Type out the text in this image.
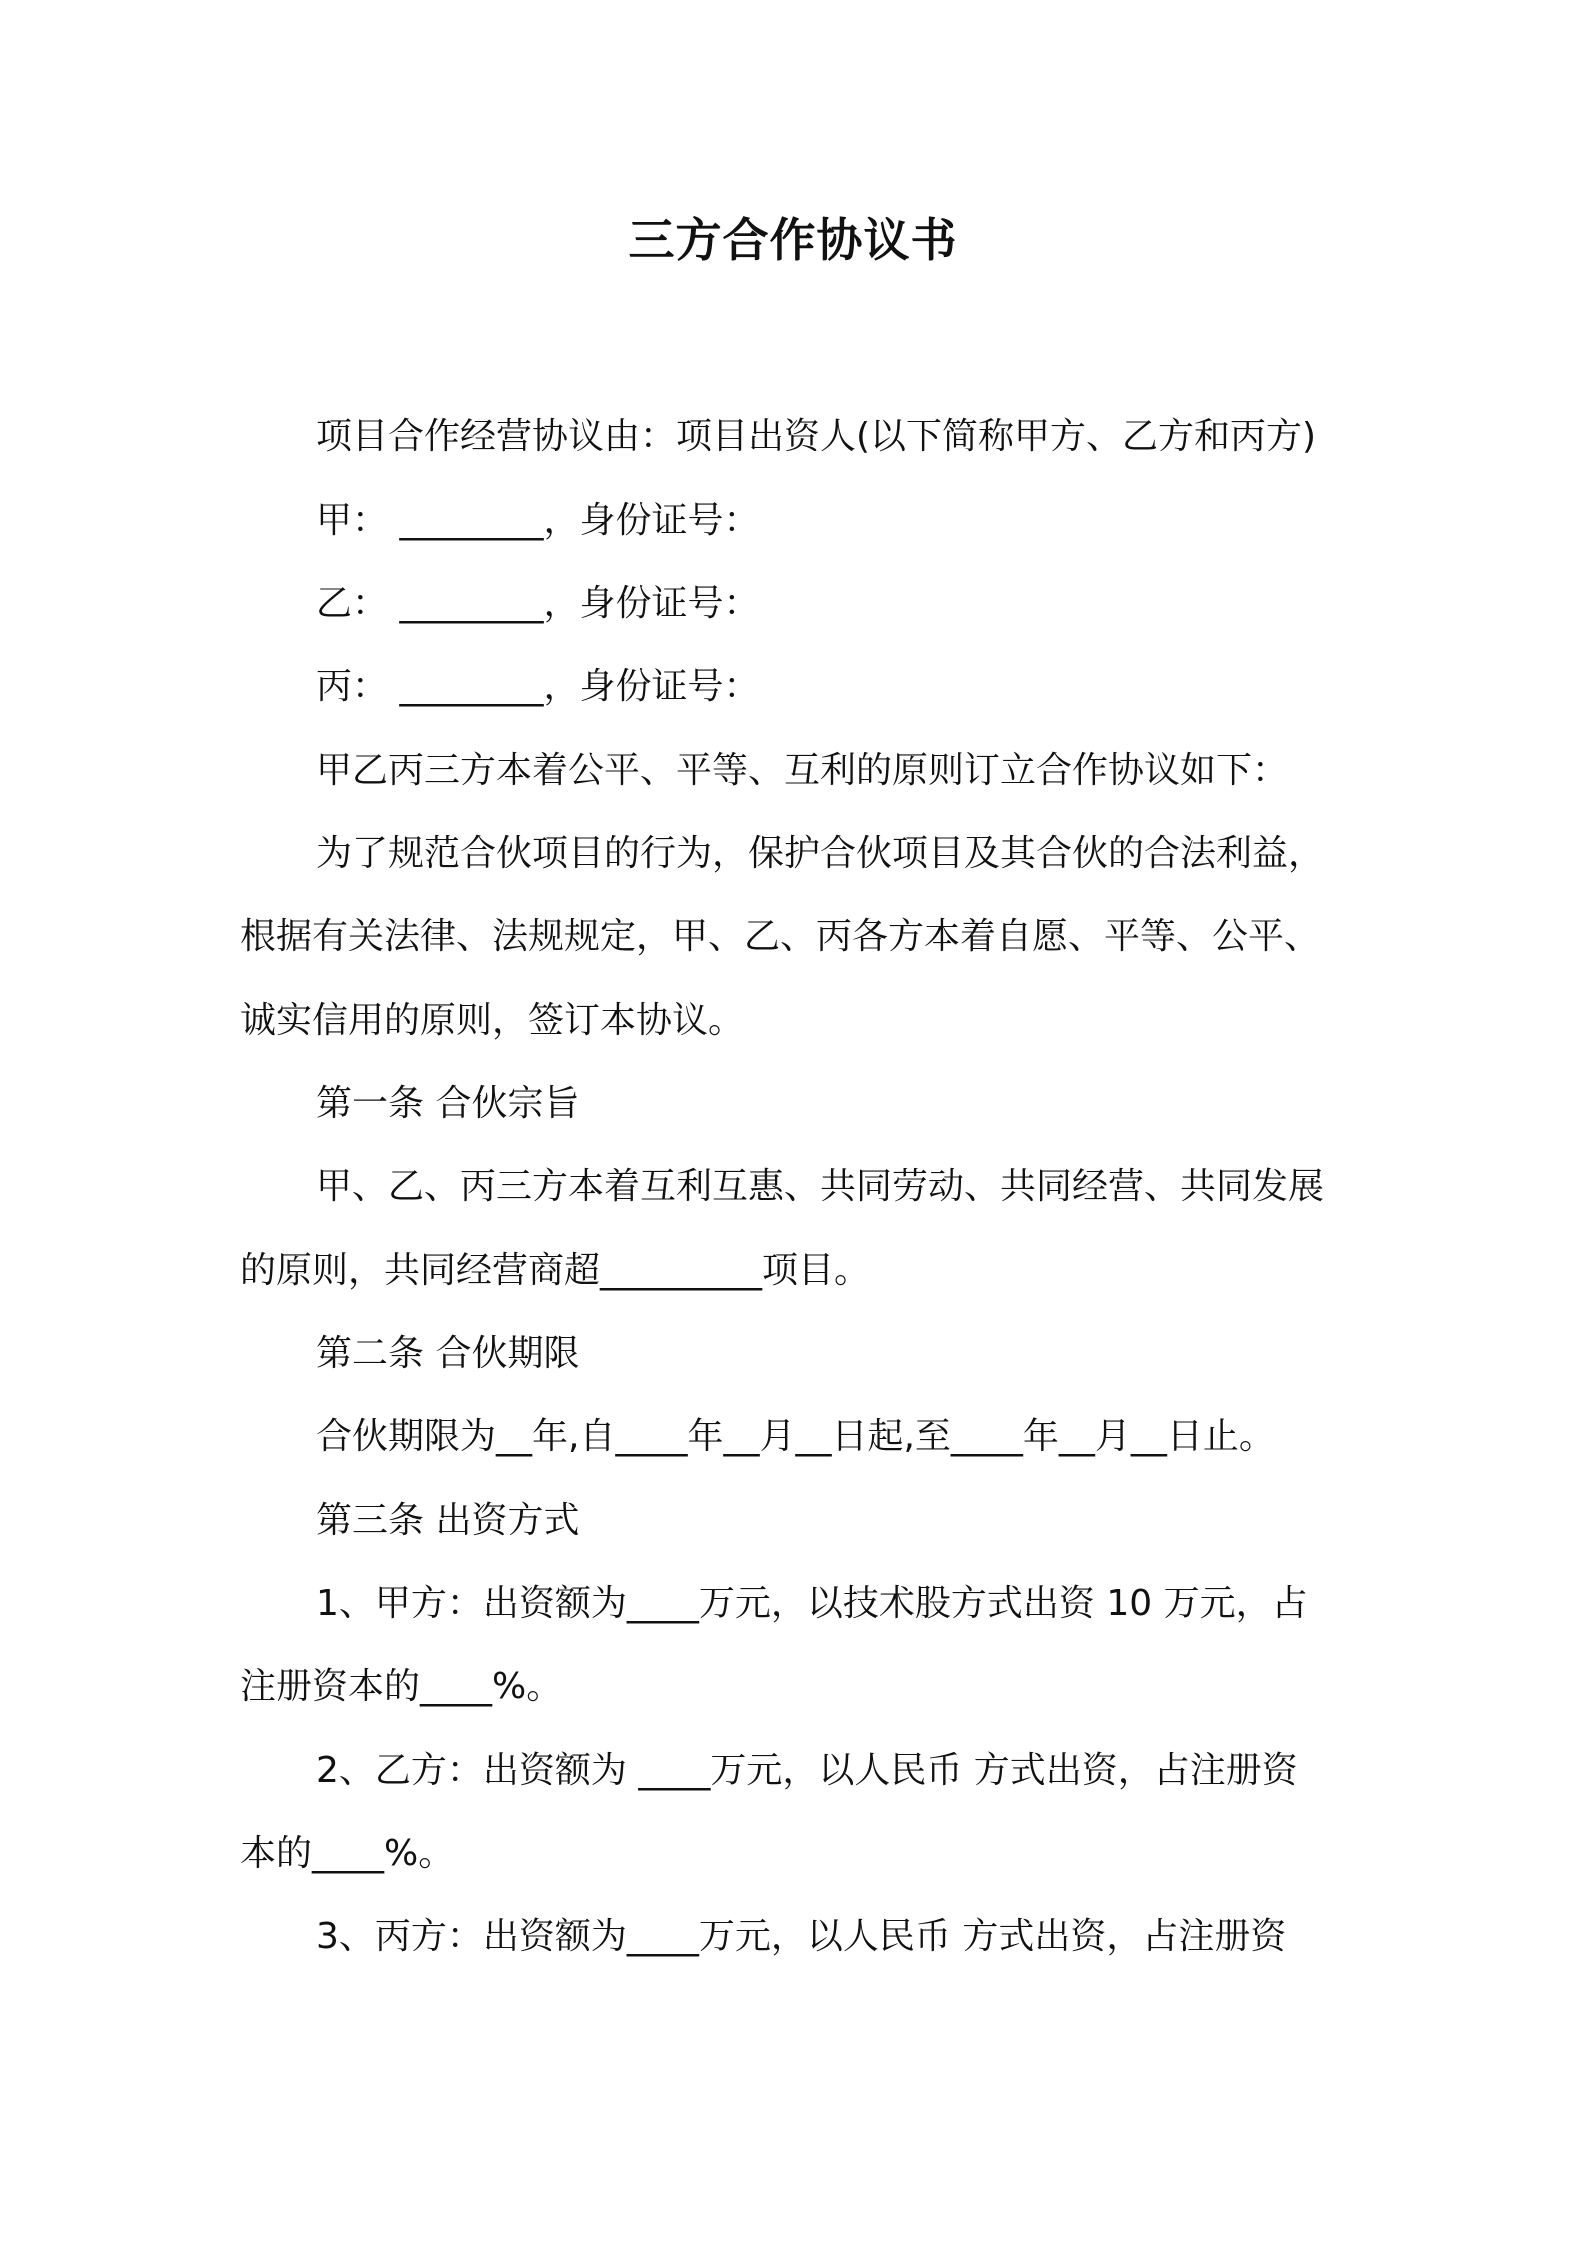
三方合作协议书
项目合作经营协议由：项目出资人(以下简称甲方、乙方和丙方)
甲： ________，身份证号：
乙： ________，身份证号：
丙： ________，身份证号：
甲乙丙三方本着公平、平等、互利的原则订立合作协议如下：
为了规范合伙项目的行为，保护合伙项目及其合伙的合法利益，
根据有关法律、法规规定，甲、乙、丙各方本着自愿、平等、公平、
诚实信用的原则，签订本协议。
第一条 合伙宗旨
甲、乙、丙三方本着互利互惠、共同劳动、共同经营、共同发展
的原则，共同经营商超_________项目。
第二条 合伙期限
合伙期限为__年,自____年__月__日起,至____年__月__日止。
第三条 出资方式
1、甲方：出资额为____万元，以技术股方式出资 10 万元，占
注册资本的____%。
2、乙方：出资额为 ____万元，以人民币 方式出资，占注册资
本的____%。
3、丙方：出资额为____万元，以人民币 方式出资，占注册资
